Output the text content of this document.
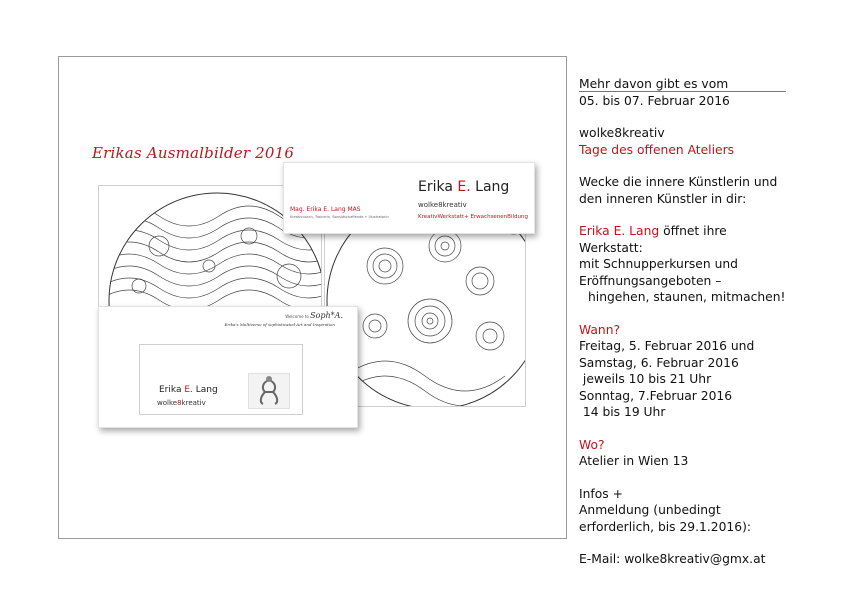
Erikas Ausmalbilder 2016
Erika E. Lang
wolke8kreativ
KreativWerkstatt+ ErwachsenenBildung
Mag. Erika E. Lang MAS
Kreativcoach, Trainerin, Bonsidschaffende + Illustratorin
Welcome to Soph*A.
Erika's Multiverse of sophisticated Art and Inspiration
Erika E. Lang
wolke8kreativ

Mehr davon gibt es vom

05. bis 07. Februar 2016

wolke8kreativ

Tage des offenen Ateliers

Wecke die innere Künstlerin und

den inneren Künstler in dir:

Erika E. Lang öffnet ihre

Werkstatt:

mit Schnupperkursen und

Eröffnungsangeboten –

hingehen, staunen, mitmachen!

Wann?

Freitag, 5. Februar 2016 und

Samstag, 6. Februar 2016

jeweils 10 bis 21 Uhr

Sonntag, 7.Februar 2016

14 bis 19 Uhr

Wo?

Atelier in Wien 13

Infos +

Anmeldung (unbedingt

erforderlich, bis 29.1.2016):

E-Mail: wolke8kreativ@gmx.at
